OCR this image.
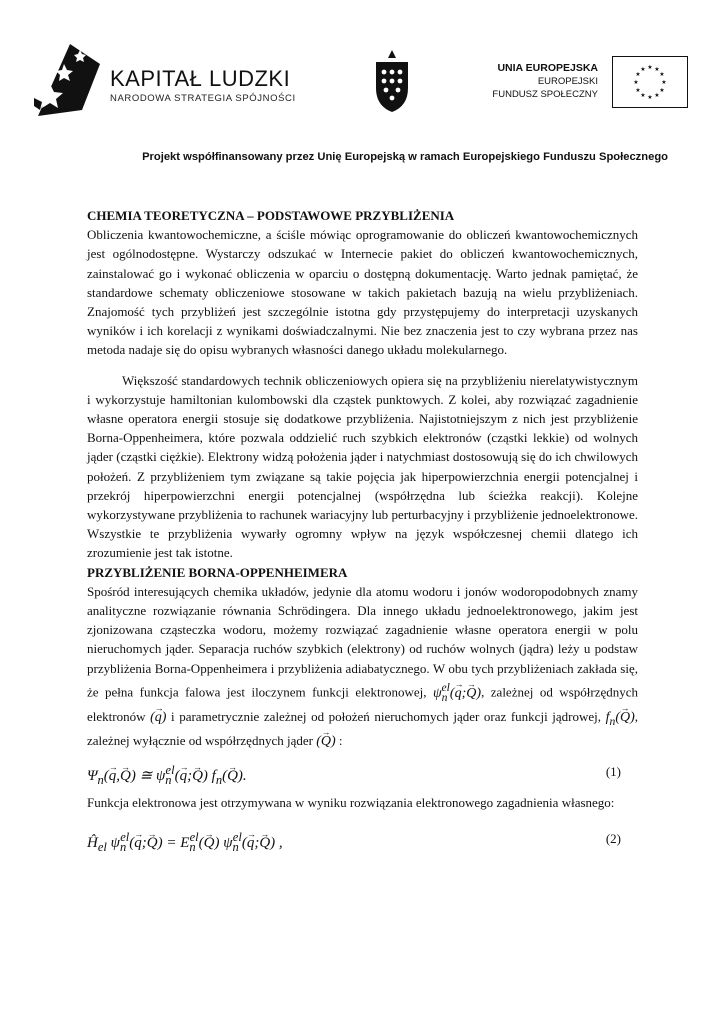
KAPITAŁ LUDZKI
NARODOWA STRATEGIA SPÓJNOŚCI
UNIA EUROPEJSKA
EUROPEJSKI
FUNDUSZ SPOŁECZNY
★ ★
★
★
★
★
★
★
★
★
★
★
Projekt współfinansowany przez Unię Europejską w ramach Europejskiego Funduszu Społecznego
CHEMIA TEORETYCZNA – PODSTAWOWE PRZYBLIŻENIA

Obliczenia kwantowochemiczne, a ściśle mówiąc oprogramowanie do obliczeń kwantowochemicznych jest ogólnodostępne. Wystarczy odszukać w Internecie pakiet do obliczeń kwantowochemicznych, zainstalować go i wykonać obliczenia w oparciu o dostępną dokumentację. Warto jednak pamiętać, że standardowe schematy obliczeniowe stosowane w takich pakietach bazują na wielu przybliżeniach. Znajomość tych przybliżeń jest szczególnie istotna gdy przystępujemy do interpretacji uzyskanych wyników i ich korelacji z wynikami doświadczalnymi. Nie bez znaczenia jest to czy wybrana przez nas metoda nadaje się do opisu wybranych własności danego układu molekularnego.

Większość standardowych technik obliczeniowych opiera się na przybliżeniu nierelatywistycznym i wykorzystuje hamiltonian kulombowski dla cząstek punktowych. Z kolei, aby rozwiązać zagadnienie własne operatora energii stosuje się dodatkowe przybliżenia. Najistotniejszym z nich jest przybliżenie Borna-Oppenheimera, które pozwala oddzielić ruch szybkich elektronów (cząstki lekkie) od wolnych jąder (cząstki ciężkie). Elektrony widzą położenia jąder i natychmiast dostosowują się do ich chwilowych położeń. Z przybliżeniem tym związane są takie pojęcia jak hiperpowierzchnia energii potencjalnej i przekrój hiperpowierzchni energii potencjalnej (współrzędna lub ścieżka reakcji). Kolejne wykorzystywane przybliżenia to rachunek wariacyjny lub perturbacyjny i przybliżenie jednoelektronowe. Wszystkie te przybliżenia wywarły ogromny wpływ na język współczesnej chemii dlatego ich zrozumienie jest tak istotne.

PRZYBLIŻENIE BORNA-OPPENHEIMERA

Spośród interesujących chemika układów, jedynie dla atomu wodoru i jonów wodoropodobnych znamy analityczne rozwiązanie równania Schrödingera. Dla innego układu jednoelektronowego, jakim jest zjonizowana cząsteczka wodoru, możemy rozwiązać zagadnienie własne operatora energii w polu nieruchomych jąder. Separacja ruchów szybkich (elektrony) od ruchów wolnych (jądra) leży u podstaw przybliżenia Borna-Oppenheimera i przybliżenia adiabatycznego. W obu tych przybliżeniach zakłada się, że pełna funkcja falowa jest iloczynem funkcji elektronowej, $\psi_n^{el}(\to$ q;→ Q), zależnej od współrzędnych elektronów (→ q) i parametrycznie zależnej od położeń nieruchomych jąder oraz funkcji jądrowej, $f_n(\to Q)$, zależnej wyłącznie od współrzędnych jąder (→ Q) :

$\Psi_n(\to q,\to Q)$ ≅ $\psi_n^{el}(\to$ q;→ Q) $f_n(\to Q)$.	(1)

Funkcja elektronowa jest otrzymywana w wyniku rozwiązania elektronowego zagadnienia własnego:

$Ĥ_{el}$ $\psi_n^{el}(\to$ q;→ $Q) = E_n^{el}(\to Q)$ $\psi_n^{el}(\to$ q;→ Q) ,	(2)
